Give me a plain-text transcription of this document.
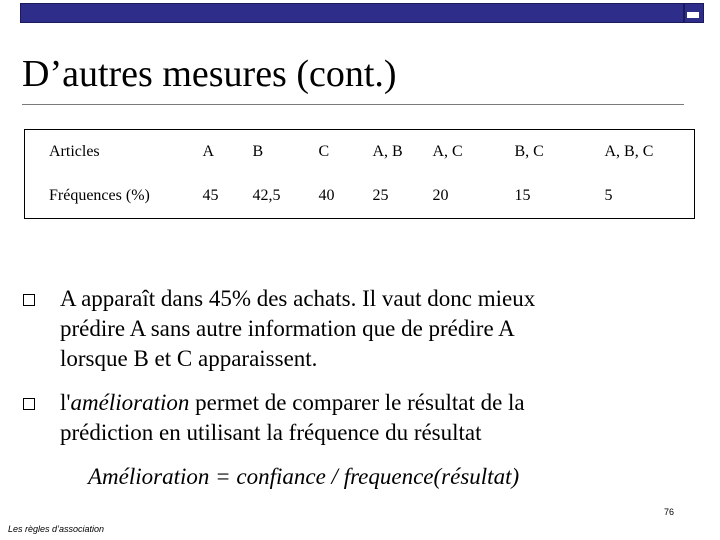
D’autres mesures (cont.)
Articles	A	B	C	A, B	A, C	B, C	A, B, C
Fréquences (%)	45	42,5	40	25	20	15	5
A apparaît dans 45% des achats. Il vaut donc mieux
prédire A sans autre information que de prédire A
lorsque B et C apparaissent.
l'amélioration permet de comparer le résultat de la
prédiction en utilisant la fréquence du résultat
Amélioration = confiance / frequence(résultat)
76
Les règles d’association
